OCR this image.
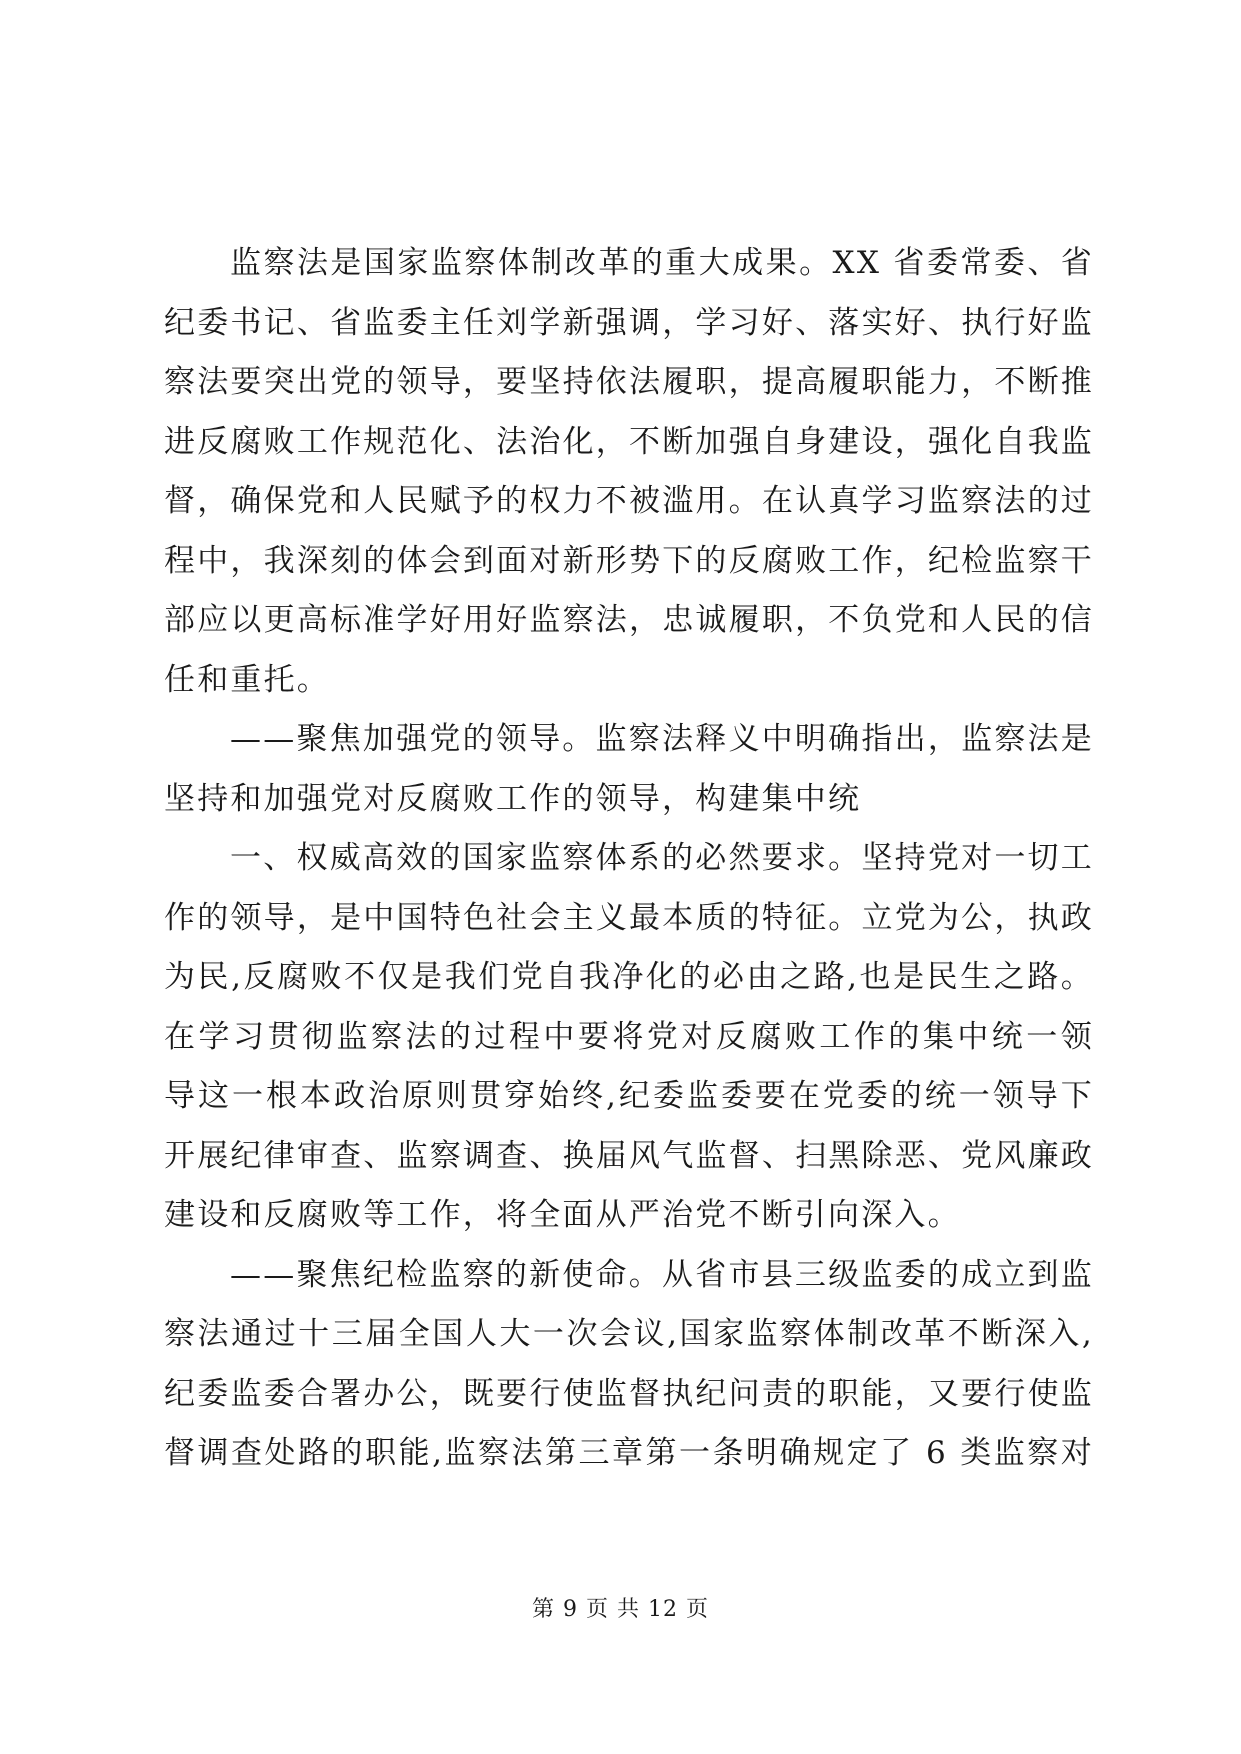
监察法是国家监察体制改革的重大成果。XX 省委常委、省
纪委书记、省监委主任刘学新强调，学习好、落实好、执行好监
察法要突出党的领导，要坚持依法履职，提高履职能力，不断推
进反腐败工作规范化、法治化，不断加强自身建设，强化自我监
督，确保党和人民赋予的权力不被滥用。在认真学习监察法的过
程中，我深刻的体会到面对新形势下的反腐败工作，纪检监察干
部应以更高标准学好用好监察法，忠诚履职，不负党和人民的信
任和重托。
——聚焦加强党的领导。监察法释义中明确指出，监察法是
坚持和加强党对反腐败工作的领导，构建集中统
一、权威高效的国家监察体系的必然要求。坚持党对一切工
作的领导，是中国特色社会主义最本质的特征。立党为公，执政
为民,反腐败不仅是我们党自我净化的必由之路,也是民生之路。
在学习贯彻监察法的过程中要将党对反腐败工作的集中统一领
导这一根本政治原则贯穿始终,纪委监委要在党委的统一领导下
开展纪律审查、监察调查、换届风气监督、扫黑除恶、党风廉政
建设和反腐败等工作，将全面从严治党不断引向深入。
——聚焦纪检监察的新使命。从省市县三级监委的成立到监
察法通过十三届全国人大一次会议,国家监察体制改革不断深入,
纪委监委合署办公，既要行使监督执纪问责的职能，又要行使监
督调查处路的职能,监察法第三章第一条明确规定了 6 类监察对
第 9 页 共 12 页
